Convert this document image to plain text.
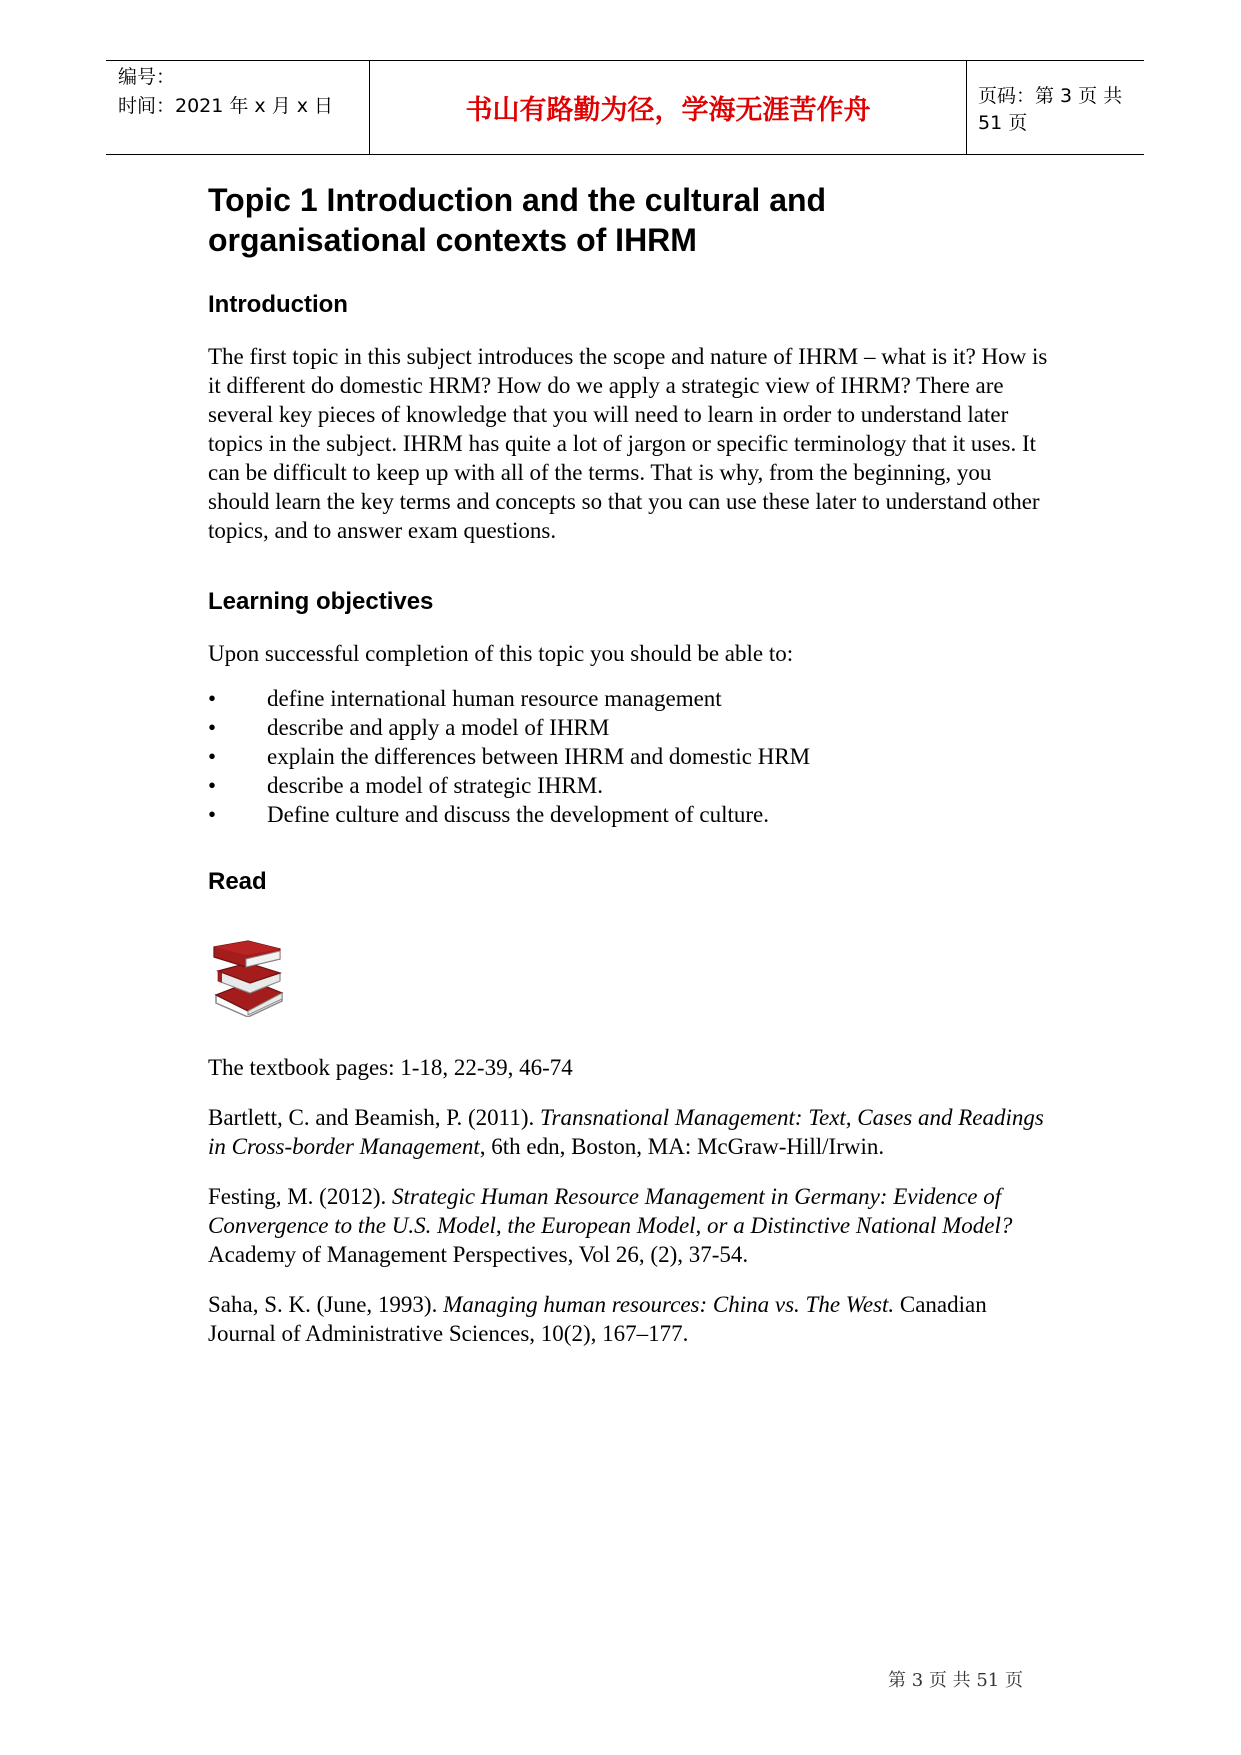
编号：
时间：2021 年 x 月 x 日	书山有路勤为径，学海无涯苦作舟	页码：第 3 页 共 51 页
Topic 1 Introduction and the cultural and organisational contexts of IHRM
Introduction

The first topic in this subject introduces the scope and nature of IHRM – what is it? How is it different do domestic HRM? How do we apply a strategic view of IHRM? There are several key pieces of knowledge that you will need to learn in order to understand later topics in the subject. IHRM has quite a lot of jargon or specific terminology that it uses. It can be difficult to keep up with all of the terms. That is why, from the beginning, you should learn the key terms and concepts so that you can use these later to understand other topics, and to answer exam questions.

Learning objectives

Upon successful completion of this topic you should be able to:

• define international human resource management
• describe and apply a model of IHRM
• explain the differences between IHRM and domestic HRM
• describe a model of strategic IHRM.
• Define culture and discuss the development of culture.
Read

The textbook pages: 1-18, 22-39, 46-74

Bartlett, C. and Beamish, P. (2011). Transnational Management: Text, Cases and Readings in Cross-border Management, 6th edn, Boston, MA: McGraw-Hill/Irwin.

Festing, M. (2012). Strategic Human Resource Management in Germany: Evidence of Convergence to the U.S. Model, the European Model, or a Distinctive National Model? Academy of Management Perspectives, Vol 26, (2), 37-54.

Saha, S. K. (June, 1993). Managing human resources: China vs. The West. Canadian Journal of Administrative Sciences, 10(2), 167–177.

第 3 页 共 51 页
